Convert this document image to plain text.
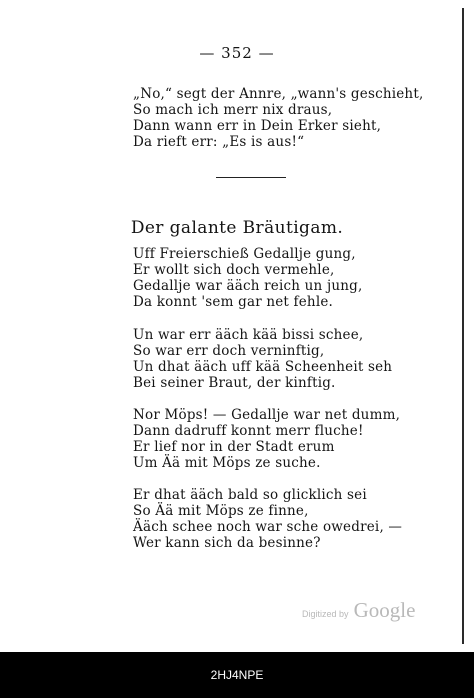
— 352 —
„No,“ segt der Annre, „wann's geschieht,
So mach ich merr nix draus,
Dann wann err in Dein Erker sieht,
Da rieft err: „Es is aus!“
Der galante Bräutigam.
Uff Freierschieß Gedallje gung,
Er wollt sich doch vermehle,
Gedallje war ääch reich un jung,
Da konnt 'sem gar net fehle.
Un war err ääch kää bissi schee,
So war err doch verninftig,
Un dhat ääch uff kää Scheenheit seh
Bei seiner Braut, der kinftig.
Nor Möps! — Gedallje war net dumm,
Dann dadruff konnt merr fluche!
Er lief nor in der Stadt erum
Um Ää mit Möps ze suche.
Er dhat ääch bald so glicklich sei
So Ää mit Möps ze finne,
Ääch schee noch war sche owedrei, —
Wer kann sich da besinne?
Digitized by Google
2HJ4NPE
